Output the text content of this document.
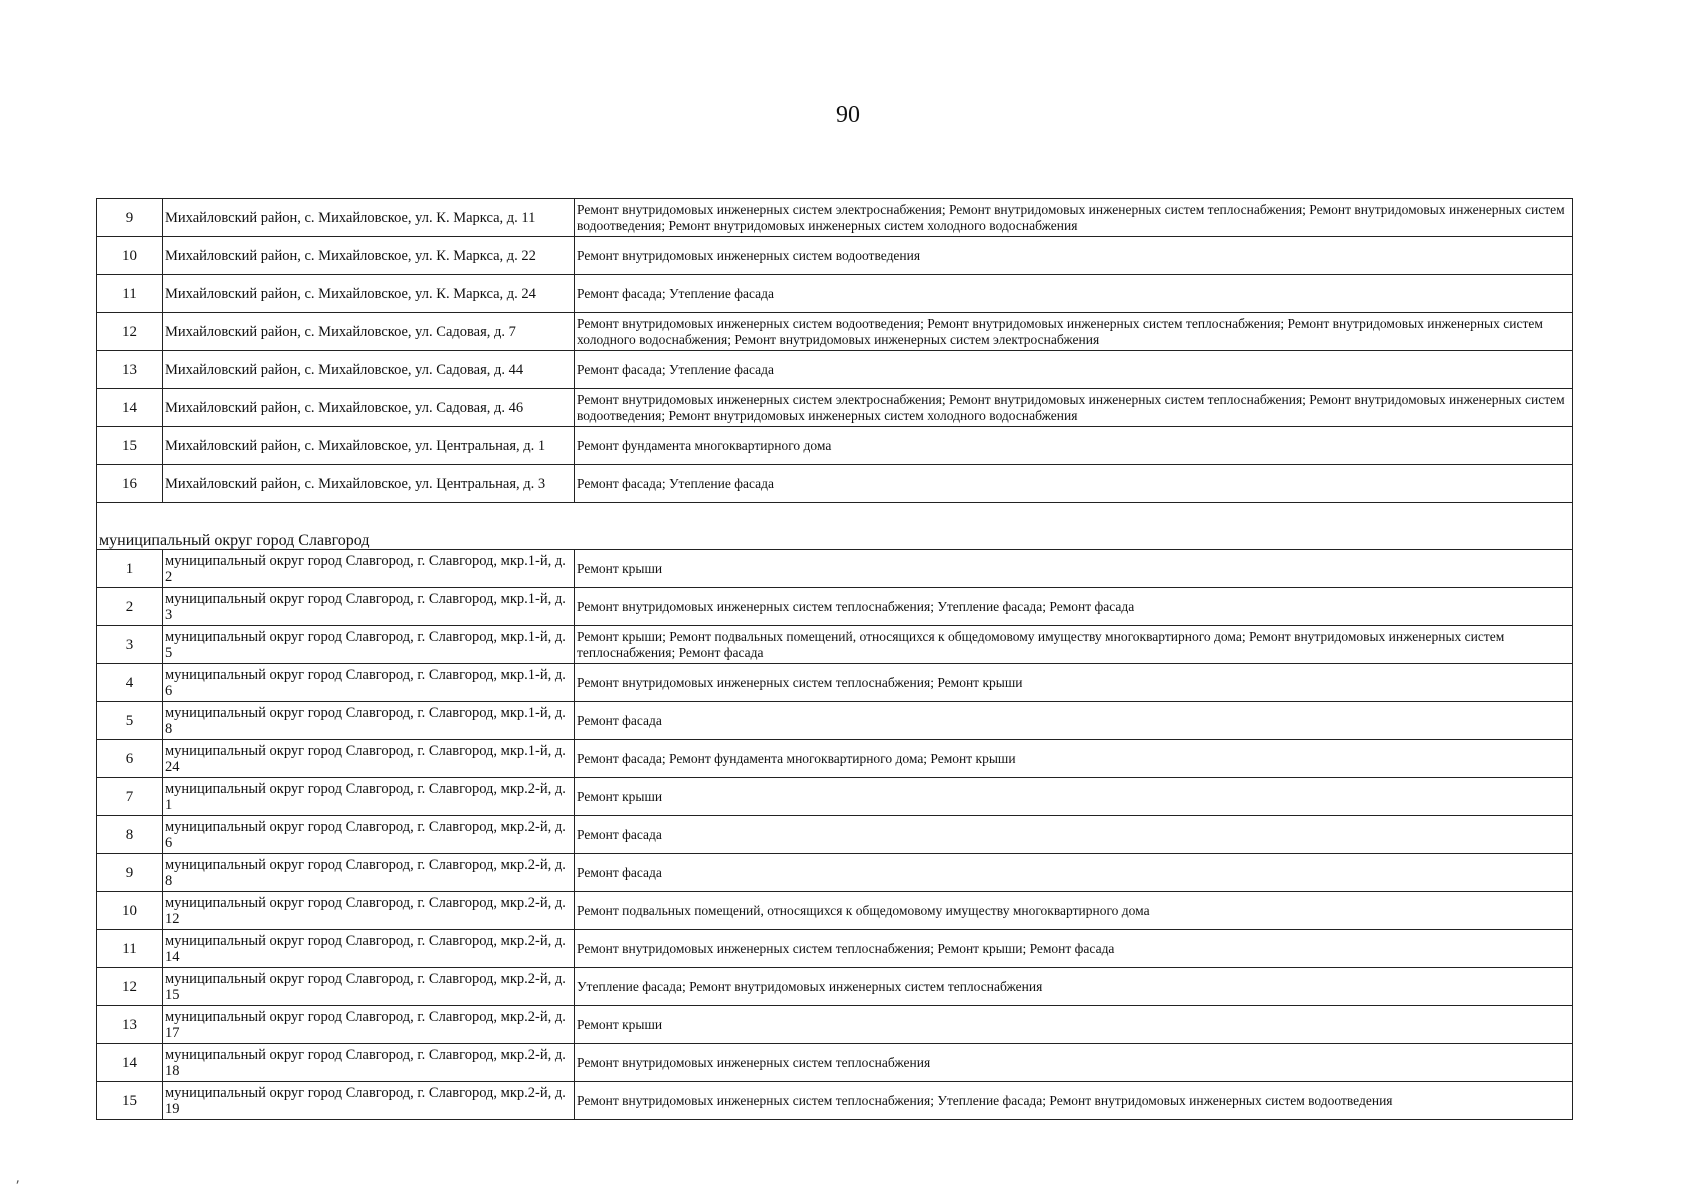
90
9	Михайловский район, с. Михайловское, ул. К. Маркса, д. 11	Ремонт внутридомовых инженерных систем электроснабжения; Ремонт внутридомовых инженерных систем теплоснабжения; Ремонт внутридомовых инженерных систем водоотведения; Ремонт внутридомовых инженерных систем холодного водоснабжения
10	Михайловский район, с. Михайловское, ул. К. Маркса, д. 22	Ремонт внутридомовых инженерных систем водоотведения
11	Михайловский район, с. Михайловское, ул. К. Маркса, д. 24	Ремонт фасада; Утепление фасада
12	Михайловский район, с. Михайловское, ул. Садовая, д. 7	Ремонт внутридомовых инженерных систем водоотведения; Ремонт внутридомовых инженерных систем теплоснабжения; Ремонт внутридомовых инженерных систем холодного водоснабжения; Ремонт внутридомовых инженерных систем электроснабжения
13	Михайловский район, с. Михайловское, ул. Садовая, д. 44	Ремонт фасада; Утепление фасада
14	Михайловский район, с. Михайловское, ул. Садовая, д. 46	Ремонт внутридомовых инженерных систем электроснабжения; Ремонт внутридомовых инженерных систем теплоснабжения; Ремонт внутридомовых инженерных систем водоотведения; Ремонт внутридомовых инженерных систем холодного водоснабжения
15	Михайловский район, с. Михайловское, ул. Центральная, д. 1	Ремонт фундамента многоквартирного дома
16	Михайловский район, с. Михайловское, ул. Центральная, д. 3	Ремонт фасада; Утепление фасада
муниципальный округ город Славгород		
1	муниципальный округ город Славгород, г. Славгород, мкр.1-й, д. 2	Ремонт крыши
2	муниципальный округ город Славгород, г. Славгород, мкр.1-й, д. 3	Ремонт внутридомовых инженерных систем теплоснабжения; Утепление фасада; Ремонт фасада
3	муниципальный округ город Славгород, г. Славгород, мкр.1-й, д. 5	Ремонт крыши; Ремонт подвальных помещений, относящихся к общедомовому имуществу многоквартирного дома; Ремонт внутридомовых инженерных систем теплоснабжения; Ремонт фасада
4	муниципальный округ город Славгород, г. Славгород, мкр.1-й, д. 6	Ремонт внутридомовых инженерных систем теплоснабжения; Ремонт крыши
5	муниципальный округ город Славгород, г. Славгород, мкр.1-й, д. 8	Ремонт фасада
6	муниципальный округ город Славгород, г. Славгород, мкр.1-й, д. 24	Ремонт фасада; Ремонт фундамента многоквартирного дома; Ремонт крыши
7	муниципальный округ город Славгород, г. Славгород, мкр.2-й, д. 1	Ремонт крыши
8	муниципальный округ город Славгород, г. Славгород, мкр.2-й, д. 6	Ремонт фасада
9	муниципальный округ город Славгород, г. Славгород, мкр.2-й, д. 8	Ремонт фасада
10	муниципальный округ город Славгород, г. Славгород, мкр.2-й, д. 12	Ремонт подвальных помещений, относящихся к общедомовому имуществу многоквартирного дома
11	муниципальный округ город Славгород, г. Славгород, мкр.2-й, д. 14	Ремонт внутридомовых инженерных систем теплоснабжения; Ремонт крыши; Ремонт фасада
12	муниципальный округ город Славгород, г. Славгород, мкр.2-й, д. 15	Утепление фасада; Ремонт внутридомовых инженерных систем теплоснабжения
13	муниципальный округ город Славгород, г. Славгород, мкр.2-й, д. 17	Ремонт крыши
14	муниципальный округ город Славгород, г. Славгород, мкр.2-й, д. 18	Ремонт внутридомовых инженерных систем теплоснабжения
15	муниципальный округ город Славгород, г. Славгород, мкр.2-й, д. 19	Ремонт внутридомовых инженерных систем теплоснабжения; Утепление фасада; Ремонт внутридомовых инженерных систем водоотведения
⸴
